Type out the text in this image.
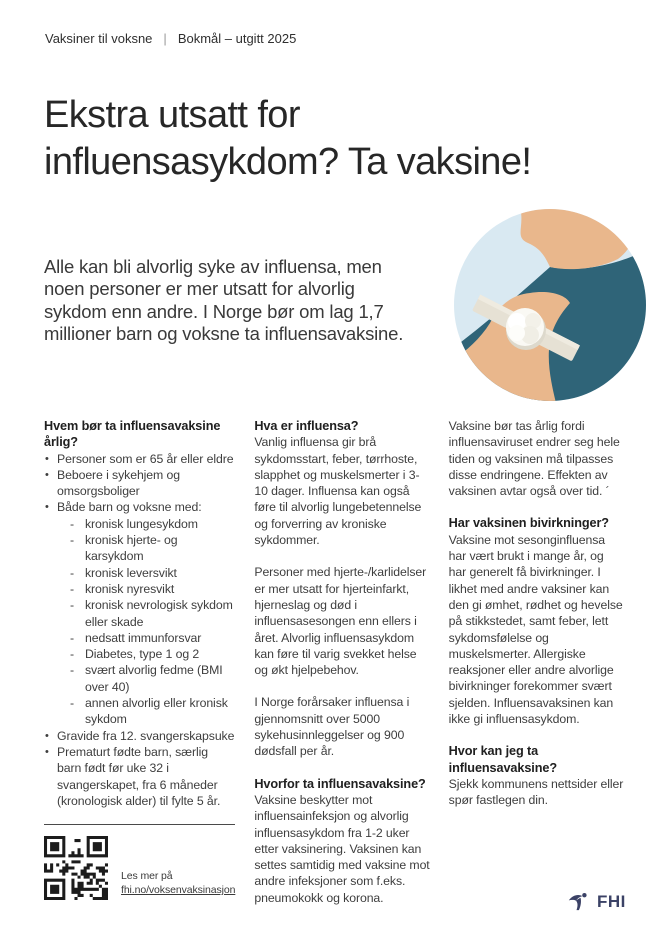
Vaksiner til voksne | Bokmål – utgitt 2025
Ekstra utsatt for
influensasykdom? Ta vaksine!

Alle kan bli alvorlig syke av influensa, men noen personer er mer utsatt for alvorlig sykdom enn andre. I Norge bør om lag 1,7 millioner barn og voksne ta influensavaksine.

Hvem bør ta influensavaksine årlig?
• Personer som er 65 år eller eldre
• Beboere i sykehjem og omsorgsboliger
• Både barn og voksne med:
- kronisk lungesykdom
- kronisk hjerte- og karsykdom
- kronisk leversvikt
- kronisk nyresvikt
- kronisk nevrologisk sykdom eller skade
- nedsatt immunforsvar
- Diabetes, type 1 og 2
- svært alvorlig fedme (BMI over 40)
- annen alvorlig eller kronisk sykdom
• Gravide fra 12. svangerskapsuke
• Prematurt fødte barn, særlig barn født før uke 32 i svangerskapet, fra 6 måneder (kronologisk alder) til fylte 5 år.
Les mer på
fhi.no/voksenvaksinasjon
Hva er influensa?

Vanlig influensa gir brå sykdomsstart, feber, tørrhoste, slapphet og muskelsmerter i 3-10 dager. Influensa kan også føre til alvorlig lungebetennelse og forverring av kroniske sykdommer.

Personer med hjerte-/karlidelser er mer utsatt for hjerteinfarkt, hjerneslag og død i influensasesongen enn ellers i året. Alvorlig influensasykdom kan føre til varig svekket helse og økt hjelpebehov.

I Norge forårsaker influensa i gjennomsnitt over 5000 sykehusinnleggelser og 900 dødsfall per år.

Hvorfor ta influensavaksine?

Vaksine beskytter mot influensainfeksjon og alvorlig influensasykdom fra 1-2 uker etter vaksinering. Vaksinen kan settes samtidig med vaksine mot andre infeksjoner som f.eks. pneumokokk og korona.

Vaksine bør tas årlig fordi influensaviruset endrer seg hele tiden og vaksinen må tilpasses disse endringene. Effekten av vaksinen avtar også over tid. ´

Har vaksinen bivirkninger?

Vaksine mot sesonginfluensa har vært brukt i mange år, og har generelt få bivirkninger. I likhet med andre vaksiner kan den gi ømhet, rødhet og hevelse på stikkstedet, samt feber, lett sykdomsfølelse og muskelsmerter. Allergiske reaksjoner eller andre alvorlige bivirkninger forekommer svært sjelden. Influensavaksinen kan ikke gi influensasykdom.

Hvor kan jeg ta influensavaksine?

Sjekk kommunens nettsider eller spør fastlegen din.

FHI
